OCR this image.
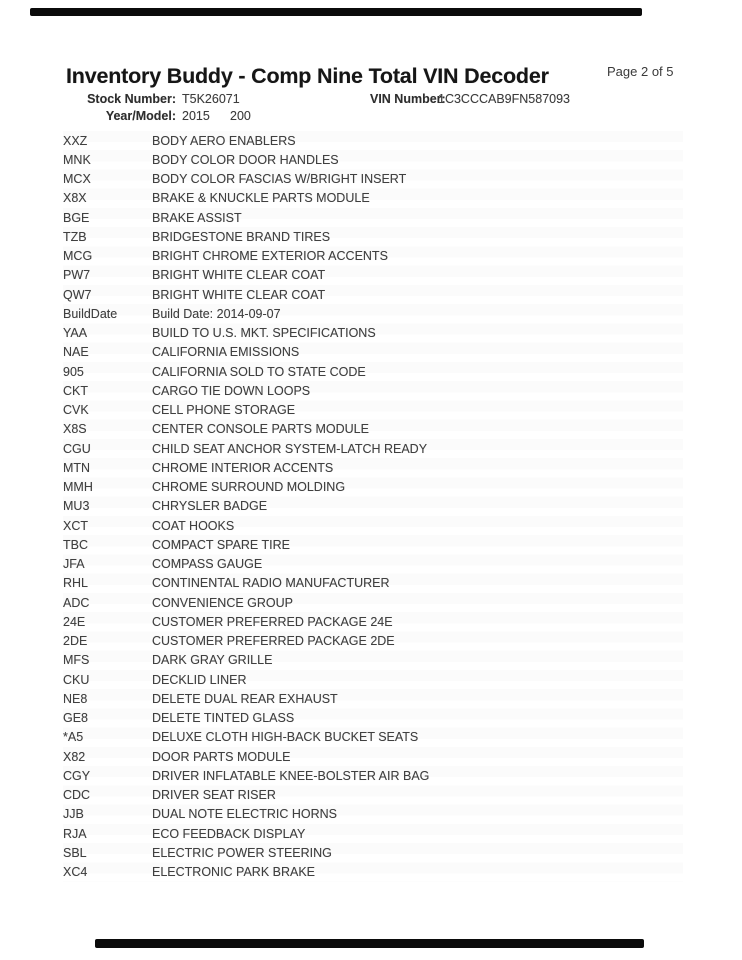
Inventory Buddy - Comp Nine Total VIN Decoder	Page 2 of 5
Stock Number: T5K26071	VIN Number:
1C3CCCAB9FN587093
Year/Model: 2015 200
XXZ	BODY AERO ENABLERS
MNK	BODY COLOR DOOR HANDLES
MCX	BODY COLOR FASCIAS W/BRIGHT INSERT
X8X	BRAKE & KNUCKLE PARTS MODULE
BGE	BRAKE ASSIST
TZB	BRIDGESTONE BRAND TIRES
MCG	BRIGHT CHROME EXTERIOR ACCENTS
PW7	BRIGHT WHITE CLEAR COAT
QW7	BRIGHT WHITE CLEAR COAT
BuildDate	Build Date: 2014-09-07
YAA	BUILD TO U.S. MKT. SPECIFICATIONS
NAE	CALIFORNIA EMISSIONS
905	CALIFORNIA SOLD TO STATE CODE
CKT	CARGO TIE DOWN LOOPS
CVK	CELL PHONE STORAGE
X8S	CENTER CONSOLE PARTS MODULE
CGU	CHILD SEAT ANCHOR SYSTEM-LATCH READY
MTN	CHROME INTERIOR ACCENTS
MMH	CHROME SURROUND MOLDING
MU3	CHRYSLER BADGE
XCT	COAT HOOKS
TBC	COMPACT SPARE TIRE
JFA	COMPASS GAUGE
RHL	CONTINENTAL RADIO MANUFACTURER
ADC	CONVENIENCE GROUP
24E	CUSTOMER PREFERRED PACKAGE 24E
2DE	CUSTOMER PREFERRED PACKAGE 2DE
MFS	DARK GRAY GRILLE
CKU	DECKLID LINER
NE8	DELETE DUAL REAR EXHAUST
GE8	DELETE TINTED GLASS
*A5	DELUXE CLOTH HIGH-BACK BUCKET SEATS
X82	DOOR PARTS MODULE
CGY	DRIVER INFLATABLE KNEE-BOLSTER AIR BAG
CDC	DRIVER SEAT RISER
JJB	DUAL NOTE ELECTRIC HORNS
RJA	ECO FEEDBACK DISPLAY
SBL	ELECTRIC POWER STEERING
XC4	ELECTRONIC PARK BRAKE
